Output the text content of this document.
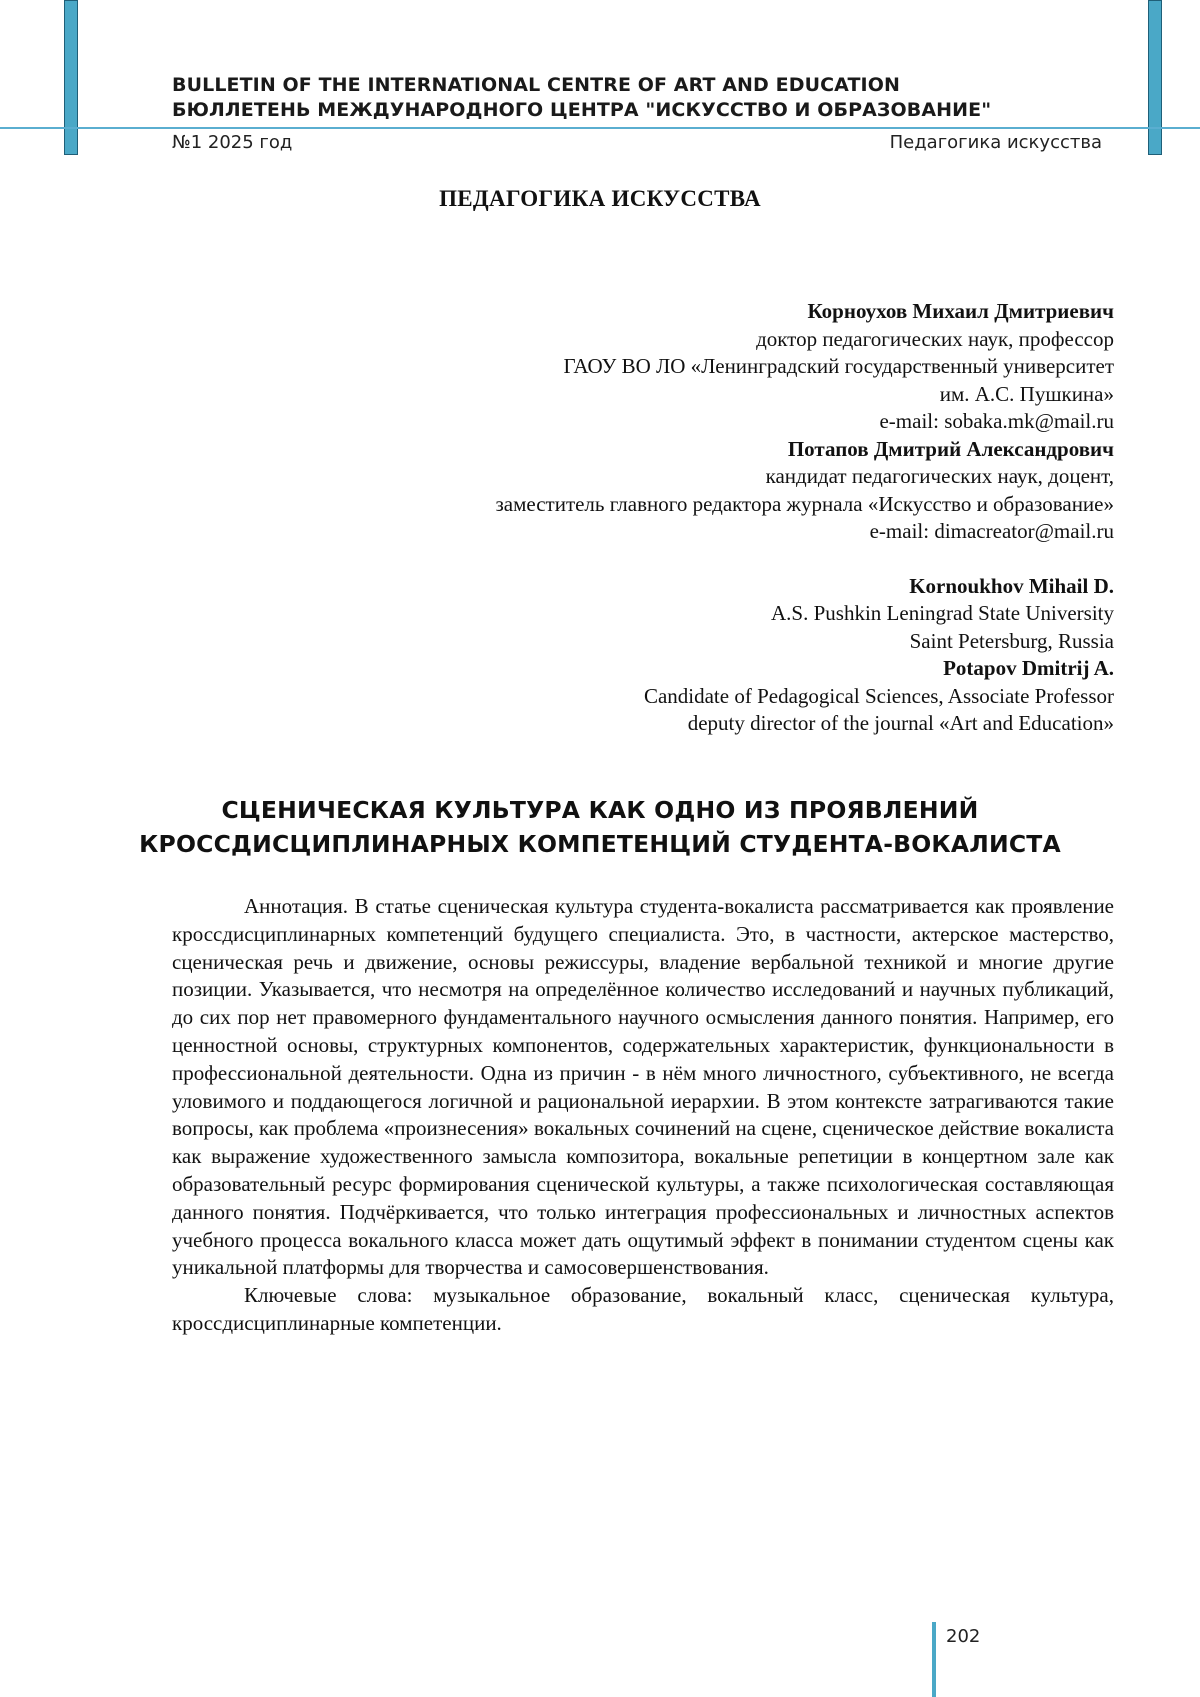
BULLETIN OF THE INTERNATIONAL CENTRE OF ART AND EDUCATION
БЮЛЛЕТЕНЬ МЕЖДУНАРОДНОГО ЦЕНТРА "ИСКУССТВО И ОБРАЗОВАНИЕ"
№1 2025 год	Педагогика искусства
ПЕДАГОГИКА ИСКУССТВА
Корноухов Михаил Дмитриевич
доктор педагогических наук, профессор
ГАОУ ВО ЛО «Ленинградский государственный университет
им. А.С. Пушкина»
e-mail: sobaka.mk@mail.ru
Потапов Дмитрий Александрович
кандидат педагогических наук, доцент,
заместитель главного редактора журнала «Искусство и образование»
e-mail: dimacreator@mail.ru
Kornoukhov Mihail D.
A.S. Pushkin Leningrad State University
Saint Petersburg, Russia
Potapov Dmitrij A.
Candidate of Pedagogical Sciences, Associate Professor
deputy director of the journal «Art and Education»
СЦЕНИЧЕСКАЯ КУЛЬТУРА КАК ОДНО ИЗ ПРОЯВЛЕНИЙ
КРОССДИСЦИПЛИНАРНЫХ КОМПЕТЕНЦИЙ СТУДЕНТА-ВОКАЛИСТА

Аннотация. В статье сценическая культура студента-вокалиста рассматривается как проявление кроссдисциплинарных компетенций будущего специалиста. Это, в частности, актерское мастерство, сценическая речь и движение, основы режиссуры, владение вербальной техникой и многие другие позиции. Указывается, что несмотря на определённое количество исследований и научных публикаций, до сих пор нет правомерного фундаментального научного осмысления данного понятия. Например, его ценностной основы, структурных компонентов, содержательных характеристик, функциональности в профессиональной деятельности. Одна из причин - в нём много личностного, субъективного, не всегда уловимого и поддающегося логичной и рациональной иерархии. В этом контексте затрагиваются такие вопросы, как проблема «произнесения» вокальных сочинений на сцене, сценическое действие вокалиста как выражение художественного замысла композитора, вокальные репетиции в концертном зале как образовательный ресурс формирования сценической культуры, а также психологическая составляющая данного понятия. Подчёркивается, что только интеграция профессиональных и личностных аспектов учебного процесса вокального класса может дать ощутимый эффект в понимании студентом сцены как уникальной платформы для творчества и самосовершенствования.

Ключевые слова: музыкальное образование, вокальный класс, сценическая культура, кроссдисциплинарные компетенции.

202
